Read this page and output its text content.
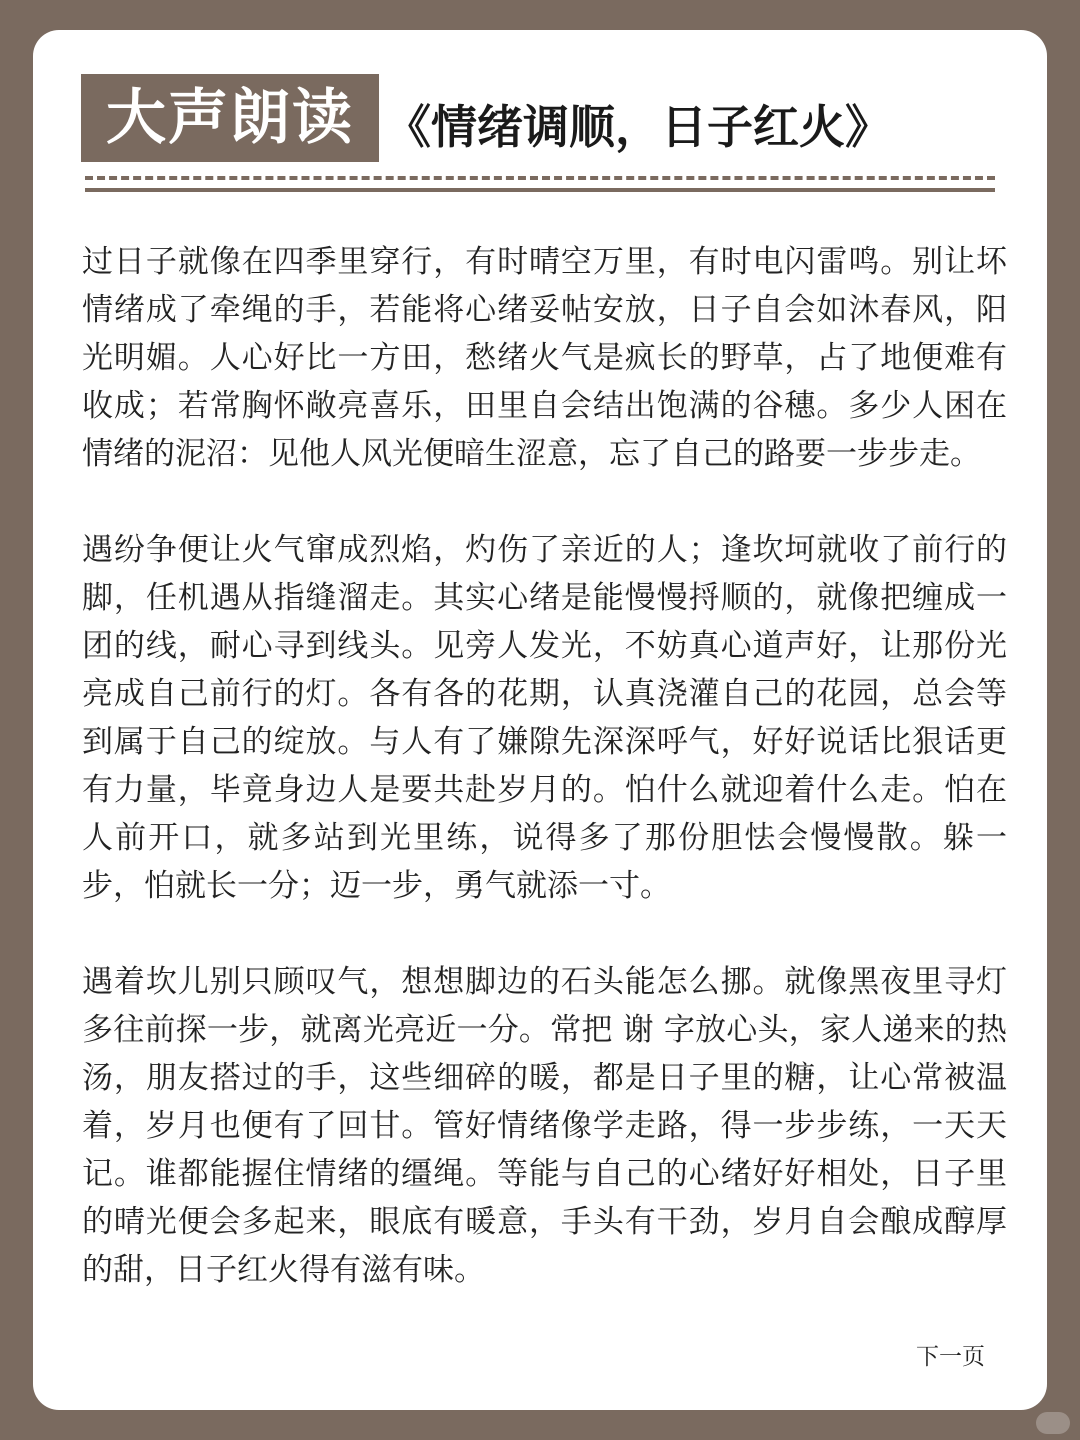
大声朗读 《情绪调顺，日子红火》

过日子就像在四季里穿行，有时晴空万里，有时电闪雷鸣。别让坏情绪成了牵绳的手，若能将心绪妥帖安放，日子自会如沐春风，阳光明媚。人心好比一方田，愁绪火气是疯长的野草，占了地便难有收成；若常胸怀敞亮喜乐，田里自会结出饱满的谷穗。多少人困在情绪的泥沼：见他人风光便暗生涩意，忘了自己的路要一步步走。

遇纷争便让火气窜成烈焰，灼伤了亲近的人；逢坎坷就收了前行的脚，任机遇从指缝溜走。其实心绪是能慢慢捋顺的，就像把缠成一团的线，耐心寻到线头。见旁人发光，不妨真心道声好，让那份光亮成自己前行的灯。各有各的花期，认真浇灌自己的花园，总会等到属于自己的绽放。与人有了嫌隙先深深呼气，好好说话比狠话更有力量，毕竟身边人是要共赴岁月的。怕什么就迎着什么走。怕在人前开口，就多站到光里练，说得多了那份胆怯会慢慢散。躲一步，怕就长一分；迈一步，勇气就添一寸。

遇着坎儿别只顾叹气，想想脚边的石头能怎么挪。就像黑夜里寻灯多往前探一步，就离光亮近一分。常把 谢 字放心头，家人递来的热汤，朋友搭过的手，这些细碎的暖，都是日子里的糖，让心常被温着，岁月也便有了回甘。管好情绪像学走路，得一步步练，一天天记。谁都能握住情绪的缰绳。等能与自己的心绪好好相处，日子里的晴光便会多起来，眼底有暖意，手头有干劲，岁月自会酿成醇厚的甜，日子红火得有滋有味。

下一页
